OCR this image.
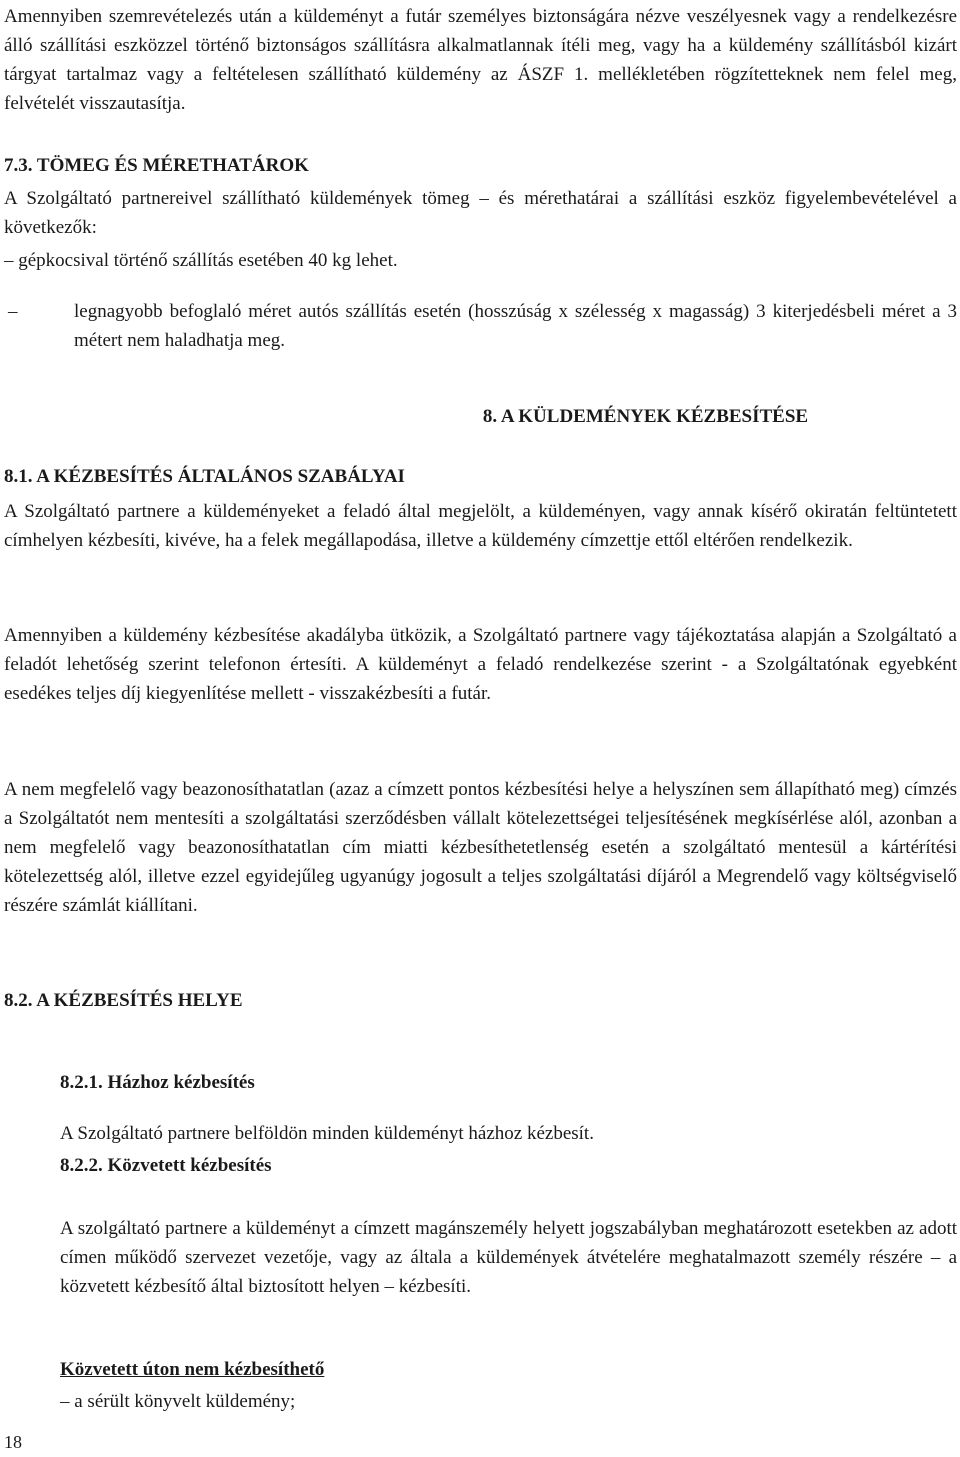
Amennyiben szemrevételezés után a küldeményt a futár személyes biztonságára nézve veszélyesnek vagy a rendelkezésre álló szállítási eszközzel történő biztonságos szállításra alkalmatlannak ítéli meg, vagy ha a küldemény szállításból kizárt tárgyat tartalmaz vagy a feltételesen szállítható küldemény az ÁSZF 1. mellékletében rögzítetteknek nem felel meg, felvételét visszautasítja.

7.3. TÖMEG ÉS MÉRETHATÁROK

A Szolgáltató partnereivel szállítható küldemények tömeg – és mérethatárai a szállítási eszköz figyelembevételével a következők:

– gépkocsival történő szállítás esetében 40 kg lehet.

–	legnagyobb befoglaló méret autós szállítás esetén (hosszúság x szélesség x magasság) 3 kiterjedésbeli méret a 3 métert nem haladhatja meg.

8. A KÜLDEMÉNYEK KÉZBESÍTÉSE

8.1. A KÉZBESÍTÉS ÁLTALÁNOS SZABÁLYAI

A Szolgáltató partnere a küldeményeket a feladó által megjelölt, a küldeményen, vagy annak kísérő okiratán feltüntetett címhelyen kézbesíti, kivéve, ha a felek megállapodása, illetve a küldemény címzettje ettől eltérően rendelkezik.

Amennyiben a küldemény kézbesítése akadályba ütközik, a Szolgáltató partnere vagy tájékoztatása alapján a Szolgáltató a feladót lehetőség szerint telefonon értesíti. A küldeményt a feladó rendelkezése szerint - a Szolgáltatónak egyebként esedékes teljes díj kiegyenlítése mellett - visszakézbesíti a futár.

A nem megfelelő vagy beazonosíthatatlan (azaz a címzett pontos kézbesítési helye a helyszínen sem állapítható meg) címzés a Szolgáltatót nem mentesíti a szolgáltatási szerződésben vállalt kötelezettségei teljesítésének megkísérlése alól, azonban a nem megfelelő vagy beazonosíthatatlan cím miatti kézbesíthetetlenség esetén a szolgáltató mentesül a kártérítési kötelezettség alól, illetve ezzel egyidejűleg ugyanúgy jogosult a teljes szolgáltatási díjáról a Megrendelő vagy költségviselő részére számlát kiállítani.

8.2. A KÉZBESÍTÉS HELYE

8.2.1. Házhoz kézbesítés

A Szolgáltató partnere belföldön minden küldeményt házhoz kézbesít.

8.2.2. Közvetett kézbesítés

A szolgáltató partnere a küldeményt a címzett magánszemély helyett jogszabályban meghatározott esetekben az adott címen működő szervezet vezetője, vagy az általa a küldemények átvételére meghatalmazott személy részére – a közvetett kézbesítő által biztosított helyen – kézbesíti.

Közvetett úton nem kézbesíthető

– a sérült könyvelt küldemény;

18
